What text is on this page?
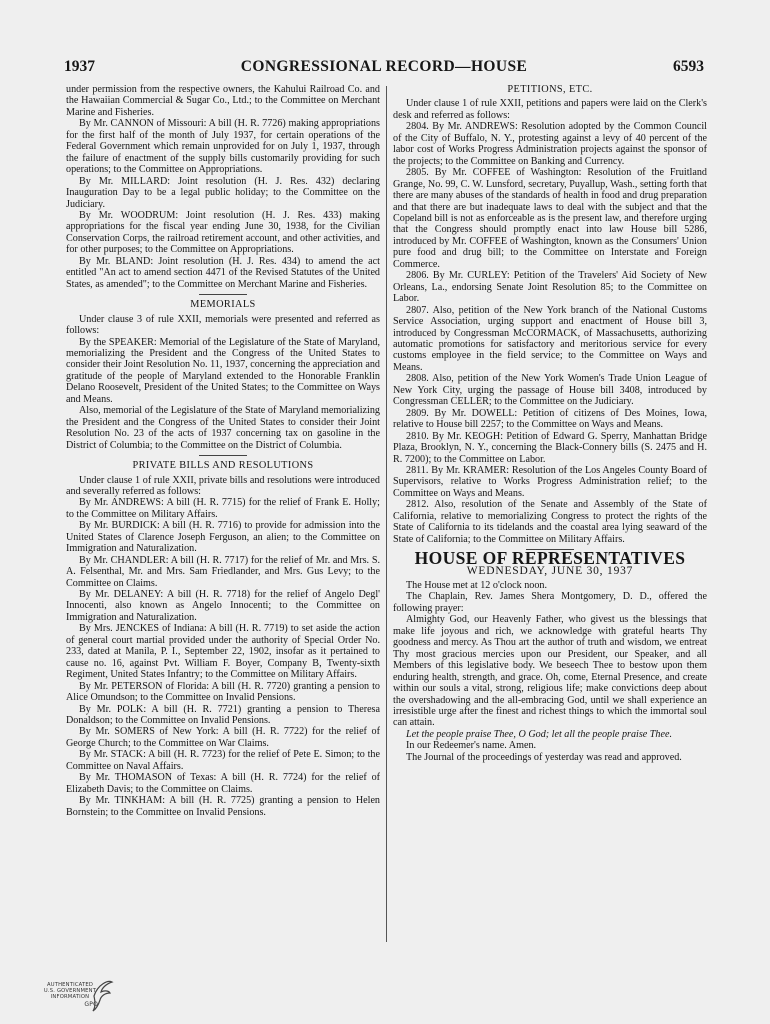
1937	CONGRESSIONAL RECORD—HOUSE	6593

under permission from the respective owners, the Kahului Railroad Co. and the Hawaiian Commercial & Sugar Co., Ltd.; to the Committee on Merchant Marine and Fisheries.

By Mr. CANNON of Missouri: A bill (H. R. 7726) making appropriations for the first half of the month of July 1937, for certain operations of the Federal Government which remain unprovided for on July 1, 1937, through the failure of enactment of the supply bills customarily providing for such operations; to the Committee on Appropriations.

By Mr. MILLARD: Joint resolution (H. J. Res. 432) declaring Inauguration Day to be a legal public holiday; to the Committee on the Judiciary.

By Mr. WOODRUM: Joint resolution (H. J. Res. 433) making appropriations for the fiscal year ending June 30, 1938, for the Civilian Conservation Corps, the railroad retirement account, and other activities, and for other purposes; to the Committee on Appropriations.

By Mr. BLAND: Joint resolution (H. J. Res. 434) to amend the act entitled "An act to amend section 4471 of the Revised Statutes of the United States, as amended"; to the Committee on Merchant Marine and Fisheries.

MEMORIALS

Under clause 3 of rule XXII, memorials were presented and referred as follows:

By the SPEAKER: Memorial of the Legislature of the State of Maryland, memorializing the President and the Congress of the United States to consider their Joint Resolution No. 11, 1937, concerning the appreciation and gratitude of the people of Maryland extended to the Honorable Franklin Delano Roosevelt, President of the United States; to the Committee on Ways and Means.

Also, memorial of the Legislature of the State of Maryland memorializing the President and the Congress of the United States to consider their Joint Resolution No. 23 of the acts of 1937 concerning tax on gasoline in the District of Columbia; to the Committee on the District of Columbia.

PRIVATE BILLS AND RESOLUTIONS

Under clause 1 of rule XXII, private bills and resolutions were introduced and severally referred as follows:

By Mr. ANDREWS: A bill (H. R. 7715) for the relief of Frank E. Holly; to the Committee on Military Affairs.

By Mr. BURDICK: A bill (H. R. 7716) to provide for admission into the United States of Clarence Joseph Ferguson, an alien; to the Committee on Immigration and Naturalization.

By Mr. CHANDLER: A bill (H. R. 7717) for the relief of Mr. and Mrs. S. A. Felsenthal, Mr. and Mrs. Sam Friedlander, and Mrs. Gus Levy; to the Committee on Claims.

By Mr. DELANEY: A bill (H. R. 7718) for the relief of Angelo Degl' Innocenti, also known as Angelo Innocenti; to the Committee on Immigration and Naturalization.

By Mrs. JENCKES of Indiana: A bill (H. R. 7719) to set aside the action of general court martial provided under the authority of Special Order No. 233, dated at Manila, P. I., September 22, 1902, insofar as it pertained to cause no. 16, against Pvt. William F. Boyer, Company B, Twenty-sixth Regiment, United States Infantry; to the Committee on Military Affairs.

By Mr. PETERSON of Florida: A bill (H. R. 7720) granting a pension to Alice Omundson; to the Committee on Invalid Pensions.

By Mr. POLK: A bill (H. R. 7721) granting a pension to Theresa Donaldson; to the Committee on Invalid Pensions.

By Mr. SOMERS of New York: A bill (H. R. 7722) for the relief of George Church; to the Committee on War Claims.

By Mr. STACK: A bill (H. R. 7723) for the relief of Pete E. Simon; to the Committee on Naval Affairs.

By Mr. THOMASON of Texas: A bill (H. R. 7724) for the relief of Elizabeth Davis; to the Committee on Claims.

By Mr. TINKHAM: A bill (H. R. 7725) granting a pension to Helen Bornstein; to the Committee on Invalid Pensions.

PETITIONS, ETC.

Under clause 1 of rule XXII, petitions and papers were laid on the Clerk's desk and referred as follows:

2804. By Mr. ANDREWS: Resolution adopted by the Common Council of the City of Buffalo, N. Y., protesting against a levy of 40 percent of the labor cost of Works Progress Administration projects against the sponsor of the projects; to the Committee on Banking and Currency.

2805. By Mr. COFFEE of Washington: Resolution of the Fruitland Grange, No. 99, C. W. Lunsford, secretary, Puyallup, Wash., setting forth that there are many abuses of the standards of health in food and drug preparation and that there are but inadequate laws to deal with the subject and that the Copeland bill is not as enforceable as is the present law, and therefore urging that the Congress should promptly enact into law House bill 5286, introduced by Mr. COFFEE of Washington, known as the Consumers' Union pure food and drug bill; to the Committee on Interstate and Foreign Commerce.

2806. By Mr. CURLEY: Petition of the Travelers' Aid Society of New Orleans, La., endorsing Senate Joint Resolution 85; to the Committee on Labor.

2807. Also, petition of the New York branch of the National Customs Service Association, urging support and enactment of House bill 3, introduced by Congressman McCORMACK, of Massachusetts, authorizing automatic promotions for satisfactory and meritorious service for every customs employee in the field service; to the Committee on Ways and Means.

2808. Also, petition of the New York Women's Trade Union League of New York City, urging the passage of House bill 3408, introduced by Congressman CELLER; to the Committee on the Judiciary.

2809. By Mr. DOWELL: Petition of citizens of Des Moines, Iowa, relative to House bill 2257; to the Committee on Ways and Means.

2810. By Mr. KEOGH: Petition of Edward G. Sperry, Manhattan Bridge Plaza, Brooklyn, N. Y., concerning the Black-Connery bills (S. 2475 and H. R. 7200); to the Committee on Labor.

2811. By Mr. KRAMER: Resolution of the Los Angeles County Board of Supervisors, relative to Works Progress Administration relief; to the Committee on Ways and Means.

2812. Also, resolution of the Senate and Assembly of the State of California, relative to memorializing Congress to protect the rights of the State of California to its tidelands and the coastal area lying seaward of the State of California; to the Committee on Military Affairs.

HOUSE OF REPRESENTATIVES
WEDNESDAY, JUNE 30, 1937

The House met at 12 o'clock noon.

The Chaplain, Rev. James Shera Montgomery, D. D., offered the following prayer:

Almighty God, our Heavenly Father, who givest us the blessings that make life joyous and rich, we acknowledge with grateful hearts Thy goodness and mercy. As Thou art the author of truth and wisdom, we entreat Thy most gracious mercies upon our President, our Speaker, and all Members of this legislative body. We beseech Thee to bestow upon them enduring health, strength, and grace. Oh, come, Eternal Presence, and create within our souls a vital, strong, religious life; make convictions deep about the overshadowing and the all-embracing God, until we shall experience an irresistible urge after the finest and richest things to which the immortal soul can attain.

Let the people praise Thee, O God; let all the people praise Thee.

In our Redeemer's name. Amen.

The Journal of the proceedings of yesterday was read and approved.

AUTHENTICATED
U.S. GOVERNMENT
INFORMATION
GPO
